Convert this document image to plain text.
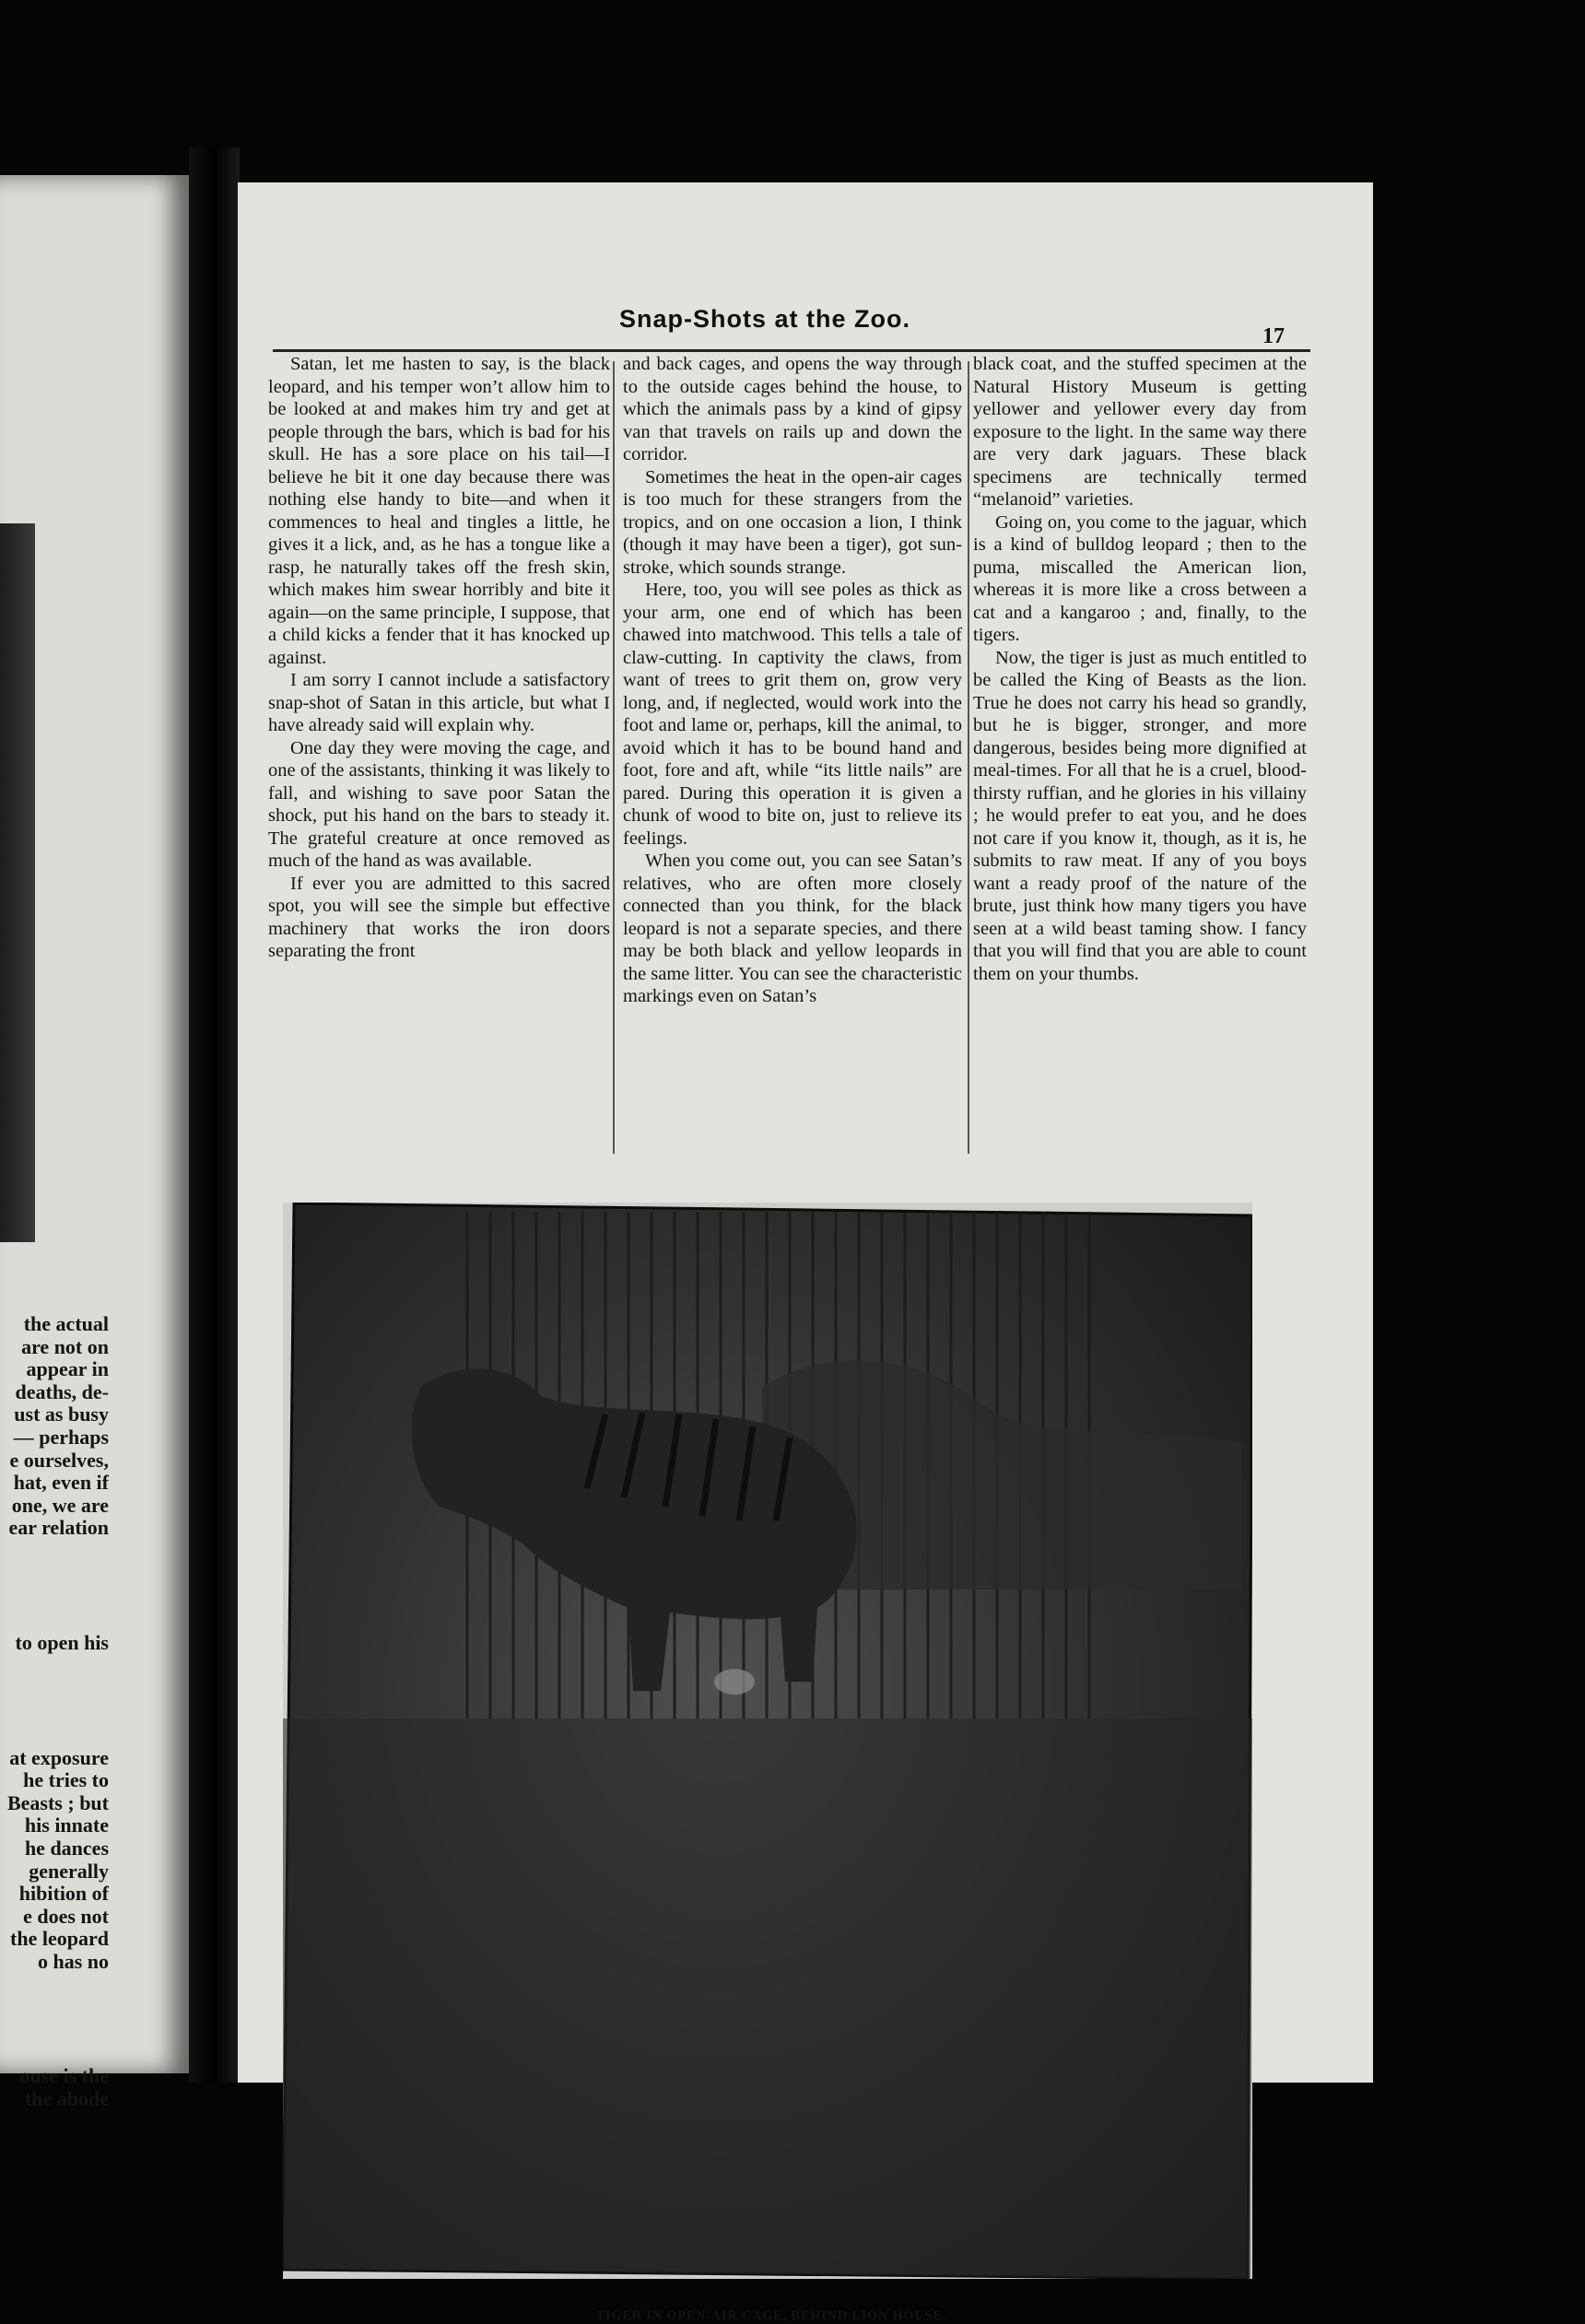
the actual
are not on
appear in
deaths, de-
ust as busy
— perhaps
e ourselves,
hat, even if
one, we are
ear relation
to open his
at exposure
he tries to
Beasts ; but
his innate
he dances
generally
hibition of
e does not
the leopard
o has no
ouse is the
the abode
Snap-Shots at the Zoo.
17

Satan, let me hasten to say, is the black leopard, and his temper won’t allow him to be looked at and makes him try and get at people through the bars, which is bad for his skull. He has a sore place on his tail—I believe he bit it one day because there was nothing else handy to bite—and when it commences to heal and tingles a little, he gives it a lick, and, as he has a tongue like a rasp, he naturally takes off the fresh skin, which makes him swear horribly and bite it again—on the same principle, I suppose, that a child kicks a fender that it has knocked up against.

I am sorry I cannot include a satisfactory snap-shot of Satan in this article, but what I have already said will explain why.

One day they were moving the cage, and one of the assistants, thinking it was likely to fall, and wishing to save poor Satan the shock, put his hand on the bars to steady it. The grateful creature at once removed as much of the hand as was available.

If ever you are admitted to this sacred spot, you will see the simple but effective machinery that works the iron doors separating the front

and back cages, and opens the way through to the outside cages behind the house, to which the animals pass by a kind of gipsy van that travels on rails up and down the corridor.

Sometimes the heat in the open-air cages is too much for these strangers from the tropics, and on one occasion a lion, I think (though it may have been a tiger), got sun-stroke, which sounds strange.

Here, too, you will see poles as thick as your arm, one end of which has been chawed into matchwood. This tells a tale of claw-cutting. In captivity the claws, from want of trees to grit them on, grow very long, and, if neglected, would work into the foot and lame or, perhaps, kill the animal, to avoid which it has to be bound hand and foot, fore and aft, while “its little nails” are pared. During this operation it is given a chunk of wood to bite on, just to relieve its feelings.

When you come out, you can see Satan’s relatives, who are often more closely connected than you think, for the black leopard is not a separate species, and there may be both black and yellow leopards in the same litter. You can see the characteristic markings even on Satan’s

black coat, and the stuffed specimen at the Natural History Museum is getting yellower and yellower every day from exposure to the light. In the same way there are very dark jaguars. These black specimens are technically termed “melanoid” varieties.

Going on, you come to the jaguar, which is a kind of bulldog leopard ; then to the puma, miscalled the American lion, whereas it is more like a cross between a cat and a kangaroo ; and, finally, to the tigers.

Now, the tiger is just as much entitled to be called the King of Beasts as the lion. True he does not carry his head so grandly, but he is bigger, stronger, and more dangerous, besides being more dignified at meal-times. For all that he is a cruel, blood-thirsty ruffian, and he glories in his villainy ; he would prefer to eat you, and he does not care if you know it, though, as it is, he submits to raw meat. If any of you boys want a ready proof of the nature of the brute, just think how many tigers you have seen at a wild beast taming show. I fancy that you will find that you are able to count them on your thumbs.

TIGER IN OPEN-AIR CAGE, BEHIND LION HOUSE.
